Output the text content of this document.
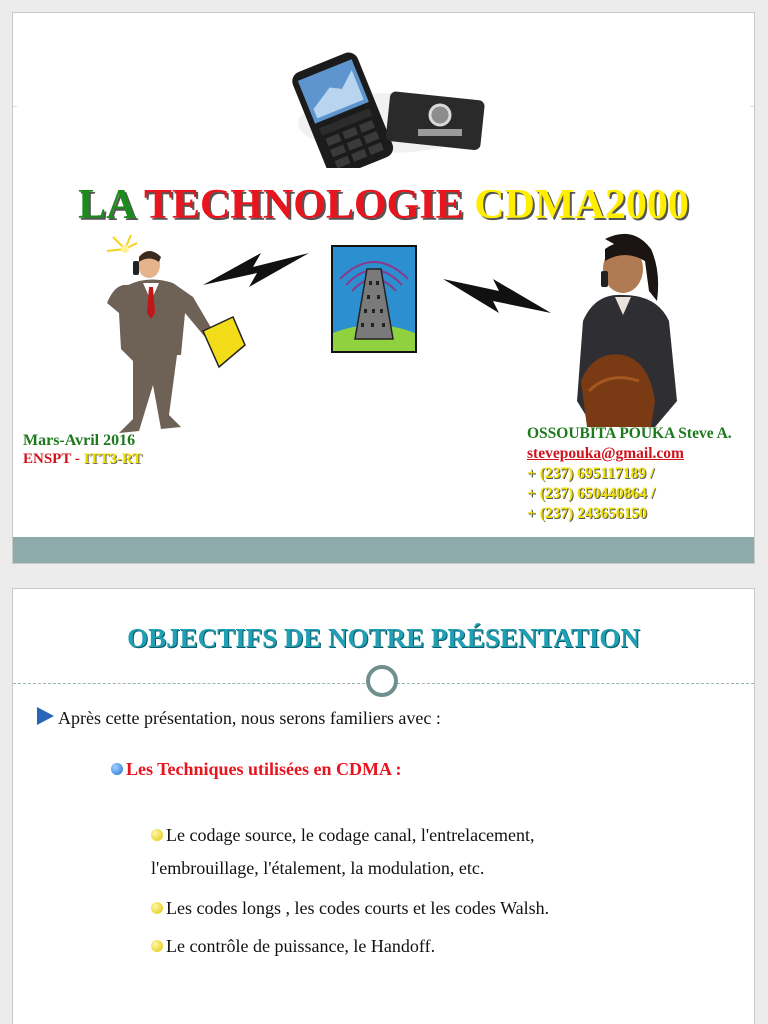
LA TECHNOLOGIE CDMA2000
Mars-Avril 2016
ENSPT - ITT3-RT
OSSOUBITA POUKA Steve A.
stevepouka@gmail.com
+ (237) 695117189 /
+ (237) 650440864 /
+ (237) 243656150
OBJECTIFS DE NOTRE PRÉSENTATION
Après cette présentation, nous serons familiers avec :
Les Techniques utilisées en CDMA :
Le codage source, le codage canal, l'entrelacement,
l'embrouillage, l'étalement, la modulation, etc.
Les codes longs , les codes courts et les codes Walsh.
Le contrôle de puissance, le Handoff.
